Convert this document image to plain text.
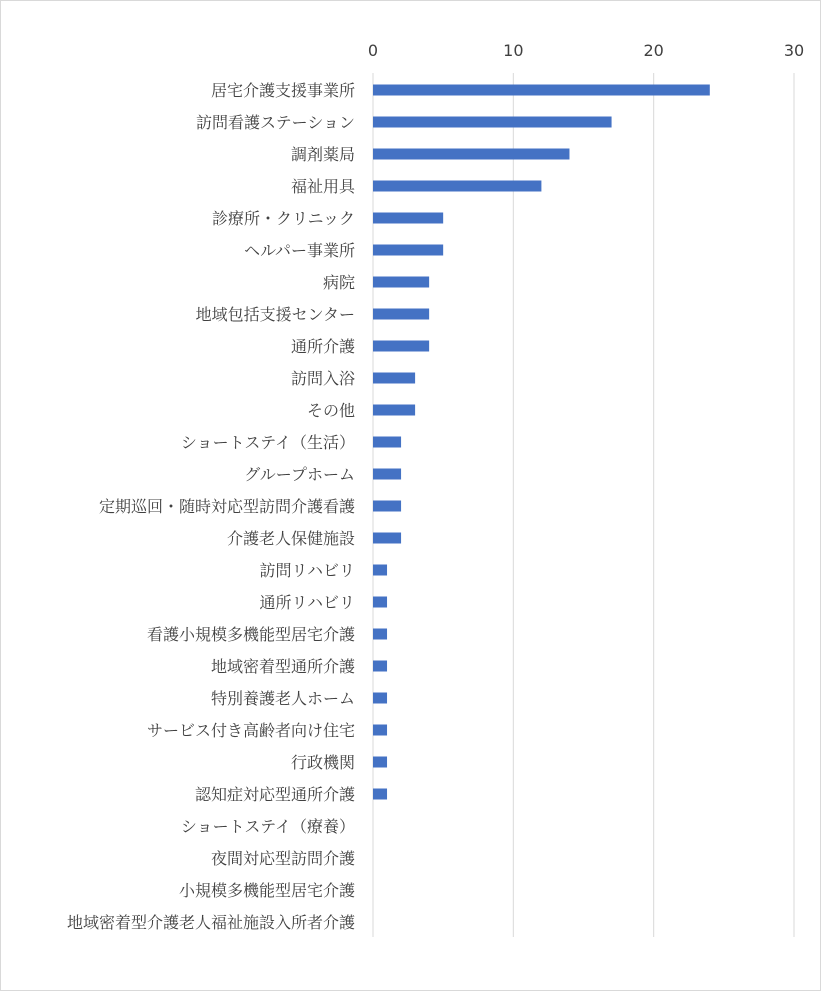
0	10	20	30
居宅介護支援事業所
訪問看護ステーション
調剤薬局
福祉用具
診療所・クリニック
ヘルパー事業所
病院
地域包括支援センター
通所介護
訪問入浴
その他
ショートステイ（生活）
グループホーム
定期巡回・随時対応型訪問介護看護
介護老人保健施設
訪問リハビリ
通所リハビリ
看護小規模多機能型居宅介護
地域密着型通所介護
特別養護老人ホーム
サービス付き高齢者向け住宅
行政機関
認知症対応型通所介護
ショートステイ（療養）
夜間対応型訪問介護
小規模多機能型居宅介護
地域密着型介護老人福祉施設入所者介護
